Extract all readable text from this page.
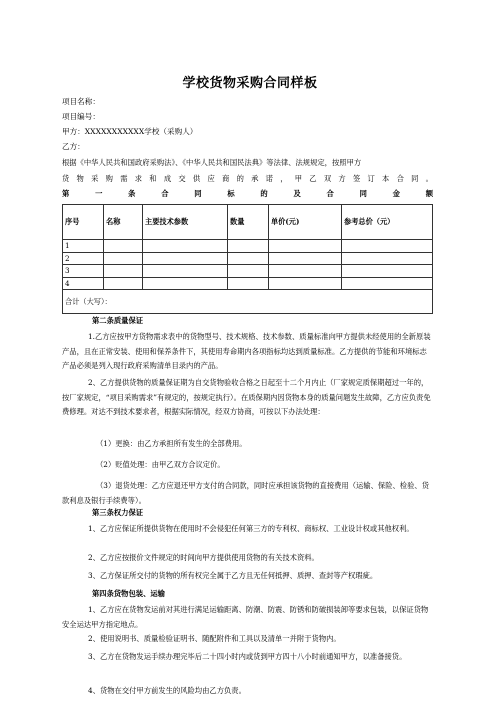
学校货物采购合同样板
项目名称：
项目编号：
甲方：XXXXXXXXXXX学校（采购人）
乙方：
根据《中华人民共和国政府采购法》、《中华人民共和国民法典》等法律、法规规定，按照甲方
货 物 采 购 需 求 和 成 交 供 应 商 的 承 诺 ， 甲 乙 双 方 签 订 本 合 同 。
第	一	条	合	同	标	的	及	合	同	金	额
序号	名称	主要技术参数	数量	单价(元)	参考总价（元）
1					
2					
3					
4					
合计（大写）：					
第二条质量保证
1.乙方应按甲方货物需求表中的货物型号、技术规格、技术参数、质量标准向甲方提供未经使用的全新原装产品，且在正常安装、使用和保养条件下，其使用寿命期内各项指标均达到质量标准。乙方提供的节能和环境标志产品必须是列入现行政府采购清单目录内的产品。
2、乙方提供货物的质量保证期为自交货物验收合格之日起至十二个月内止（厂家规定质保期超过一年的，按厂家规定，“项目采购需求”有规定的，按规定执行）。在质保期内因货物本身的质量问题发生故障，乙方应负责免费修理。对达不到技术要求者，根据实际情况，经双方协商，可按以下办法处理：
（1）更换：由乙方承担所有发生的全部费用。
（2）贬值处理：由甲乙双方合议定价。
（3）退货处理：乙方应退还甲方支付的合同款，同时应承担该货物的直接费用（运输、保险、检验、货款利息及银行手续费等）。
第三条权力保证
1、乙方应保证所提供货物在使用时不会侵犯任何第三方的专利权、商标权、工业设计权或其他权利。
2、乙方应按报价文件规定的时间向甲方提供使用货物的有关技术资料。
3、乙方保证所交付的货物的所有权完全属于乙方且无任何抵押、质押、查封等产权瑕疵。
第四条货物包装、运输
1、乙方应在货物发运前对其进行满足运输距离、防潮、防震、防锈和防破损装卸等要求包装，以保证货物安全运达甲方指定地点。
2、使用说明书、质量检验证明书、随配附件和工具以及清单一并附于货物内。
3、乙方在货物发运手续办理完毕后二十四小时内或货到甲方四十八小时前通知甲方，以准备接货。
4、货物在交付甲方前发生的风险均由乙方负责。
